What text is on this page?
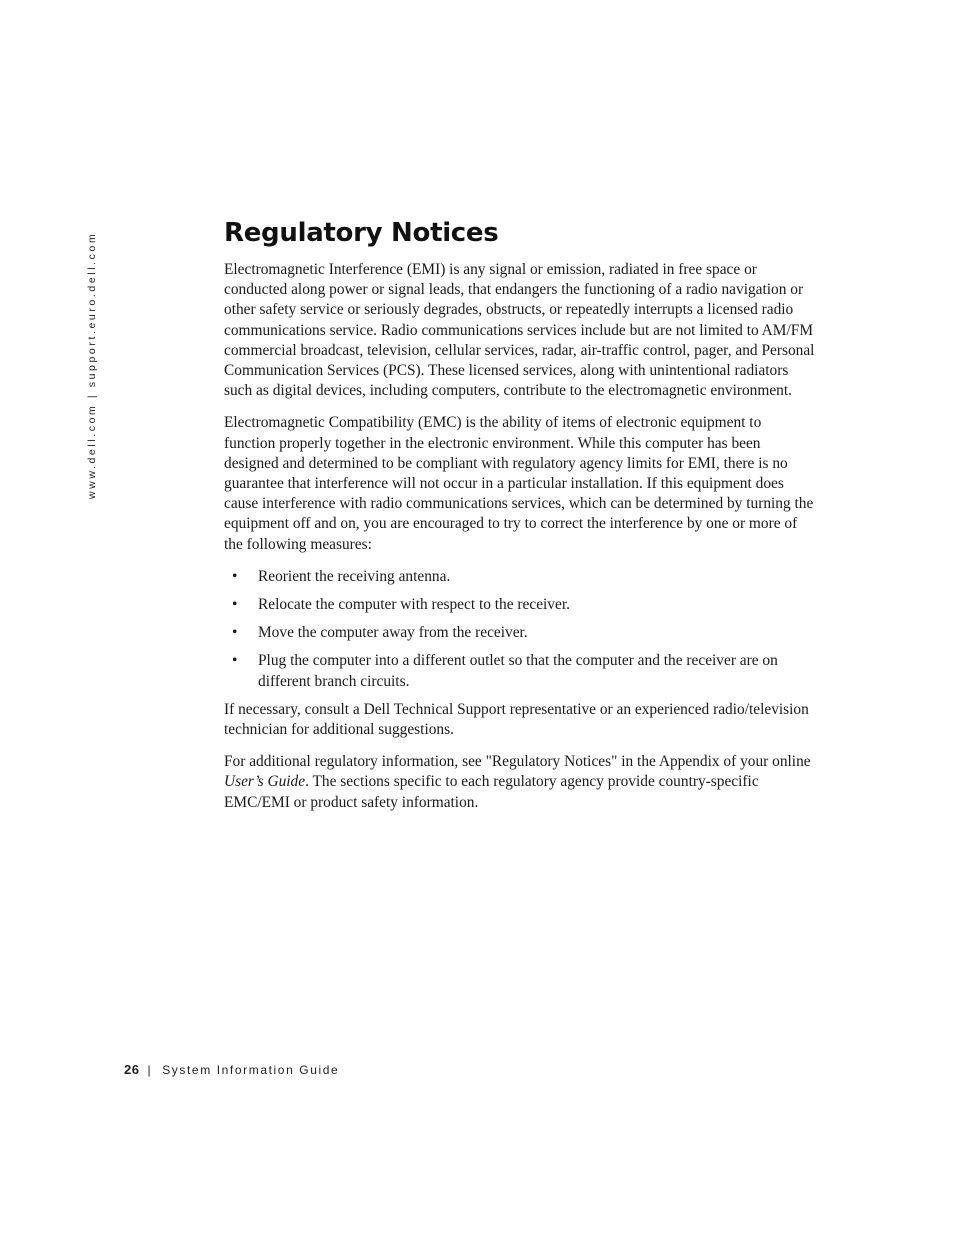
www.dell.com | support.euro.dell.com	Regulatory Notices

Electromagnetic Interference (EMI) is any signal or emission, radiated in free space or conducted along power or signal leads, that endangers the functioning of a radio navigation or other safety service or seriously degrades, obstructs, or repeatedly interrupts a licensed radio communications service. Radio communications services include but are not limited to AM/FM commercial broadcast, television, cellular services, radar, air-traffic control, pager, and Personal Communication Services (PCS). These licensed services, along with unintentional radiators such as digital devices, including computers, contribute to the electromagnetic environment.

Electromagnetic Compatibility (EMC) is the ability of items of electronic equipment to function properly together in the electronic environment. While this computer has been designed and determined to be compliant with regulatory agency limits for EMI, there is no guarantee that interference will not occur in a particular installation. If this equipment does cause interference with radio communications services, which can be determined by turning the equipment off and on, you are encouraged to try to correct the interference by one or more of the following measures:

• Reorient the receiving antenna.
• Relocate the computer with respect to the receiver.
• Move the computer away from the receiver.
• Plug the computer into a different outlet so that the computer and the receiver are on different branch circuits.

If necessary, consult a Dell Technical Support representative or an experienced radio/television technician for additional suggestions.

For additional regulatory information, see "Regulatory Notices" in the Appendix of your online User’s Guide. The sections specific to each regulatory agency provide country-specific EMC/EMI or product safety information.

26 | System Information Guide
